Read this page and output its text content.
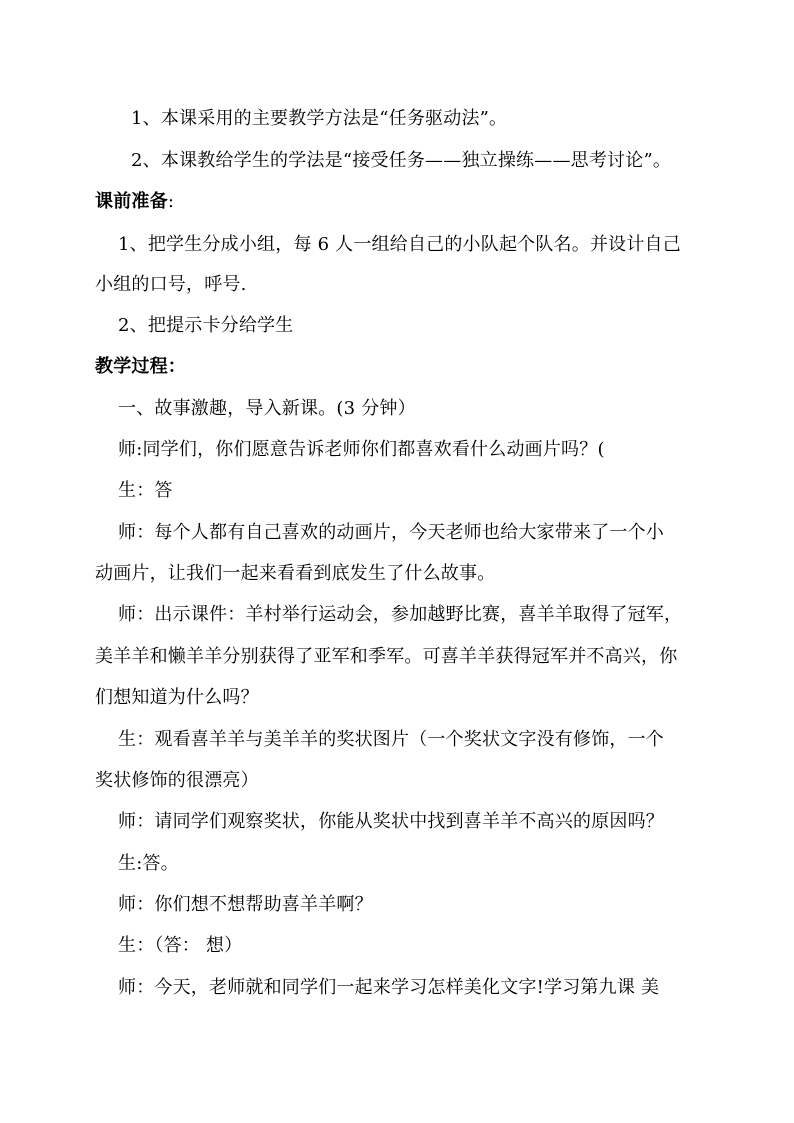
1、本课采用的主要教学方法是“任务驱动法”。
2、本课教给学生的学法是“接受任务——独立操练——思考讨论”。
课前准备:
1、把学生分成小组，每 6 人一组给自己的小队起个队名。并设计自己
小组的口号，呼号.
2、把提示卡分给学生
教学过程：
一、故事激趣，导入新课。(3 分钟）
师:同学们，你们愿意告诉老师你们都喜欢看什么动画片吗？(
生：答
师：每个人都有自己喜欢的动画片，今天老师也给大家带来了一个小
动画片，让我们一起来看看到底发生了什么故事。
师：出示课件：羊村举行运动会，参加越野比赛，喜羊羊取得了冠军，
美羊羊和懒羊羊分别获得了亚军和季军。可喜羊羊获得冠军并不高兴，你
们想知道为什么吗？
生：观看喜羊羊与美羊羊的奖状图片（一个奖状文字没有修饰，一个
奖状修饰的很漂亮）
师：请同学们观察奖状，你能从奖状中找到喜羊羊不高兴的原因吗？
生:答。
师：你们想不想帮助喜羊羊啊？
生：（答： 想）
师：今天，老师就和同学们一起来学习怎样美化文字!学习第九课 美
